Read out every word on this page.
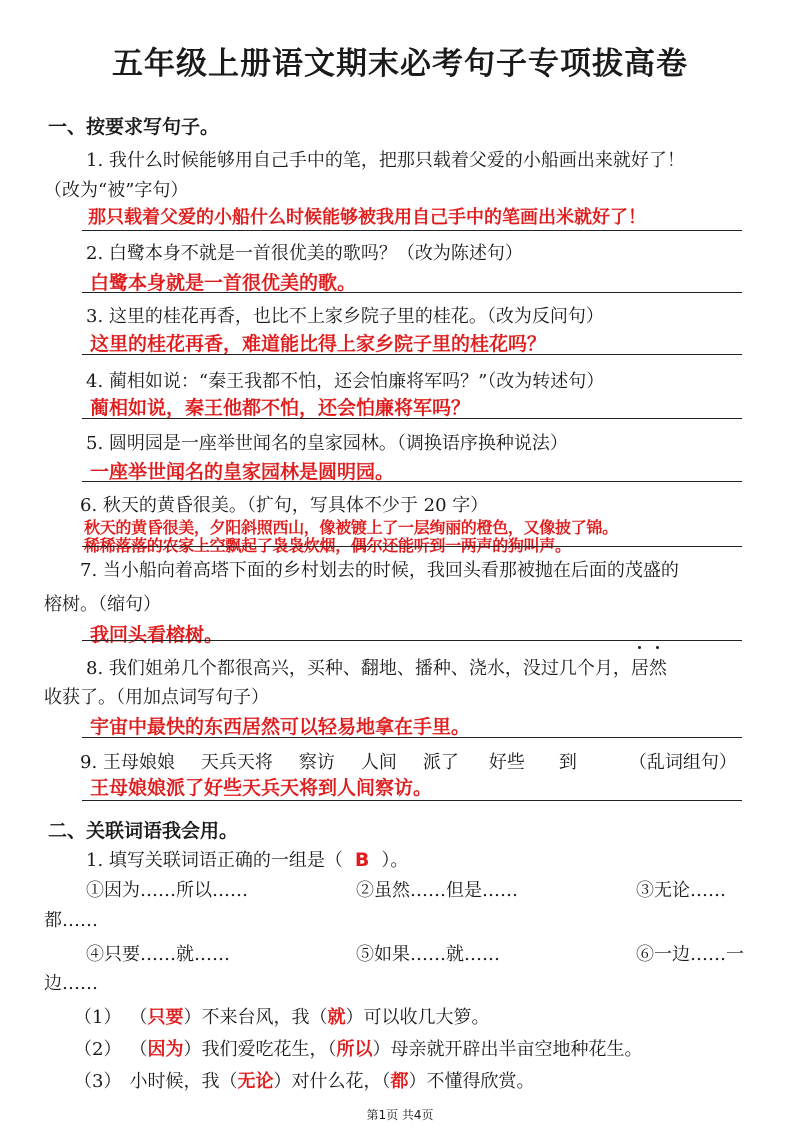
五年级上册语文期末必考句子专项拔高卷
一、按要求写句子。
1. 我什么时候能够用自己手中的笔，把那只载着父爱的小船画出来就好了！
（改为“被”字句）
那只载着父爱的小船什么时候能够被我用自己手中的笔画出米就好了！
2. 白鹭本身不就是一首很优美的歌吗？（改为陈述句）
白鹭本身就是一首很优美的歌。
3. 这里的桂花再香，也比不上家乡院子里的桂花。（改为反问句）
这里的桂花再香，难道能比得上家乡院子里的桂花吗？
4. 蔺相如说：“秦王我都不怕，还会怕廉将军吗？”（改为转述句）
蔺相如说，秦王他都不怕，还会怕廉将军吗？
5. 圆明园是一座举世闻名的皇家园林。（调换语序换种说法）
一座举世闻名的皇家园林是圆明园。
6. 秋天的黄昏很美。（扩句，写具体不少于 20 字）
秋天的黄昏很美，夕阳斜照西山，像被镀上了一层绚丽的橙色，又像披了锦。
稀稀落落的农家上空飘起了袅袅炊烟，偶尔还能听到一两声的狗叫声。
7. 当小船向着高塔下面的乡村划去的时候，我回头看那被抛在后面的茂盛的
榕树。（缩句）
我回头看榕树。
8. 我们姐弟几个都很高兴，买种、翻地、播种、浇水，没过几个月，居然
收获了。（用加点词写句子）
宇宙中最快的东西居然可以轻易地拿在手里。
9. 王母娘娘 天兵天将 察访 人间 派了 好些 到	（乱词组句）
王母娘娘派了好些天兵天将到人间察访。
二、关联词语我会用。
1. 填写关联词语正确的一组是（ B ）。
①因为……所以……	②虽然……但是……	③无论……
都……
④只要……就……	⑤如果……就……	⑥一边……一
边……
（1） （只要）不来台风，我（就）可以收几大箩。
（2） （因为）我们爱吃花生，（所以）母亲就开辟出半亩空地种花生。
（3） 小时候，我（无论）对什么花，（都）不懂得欣赏。
第1页 共4页
